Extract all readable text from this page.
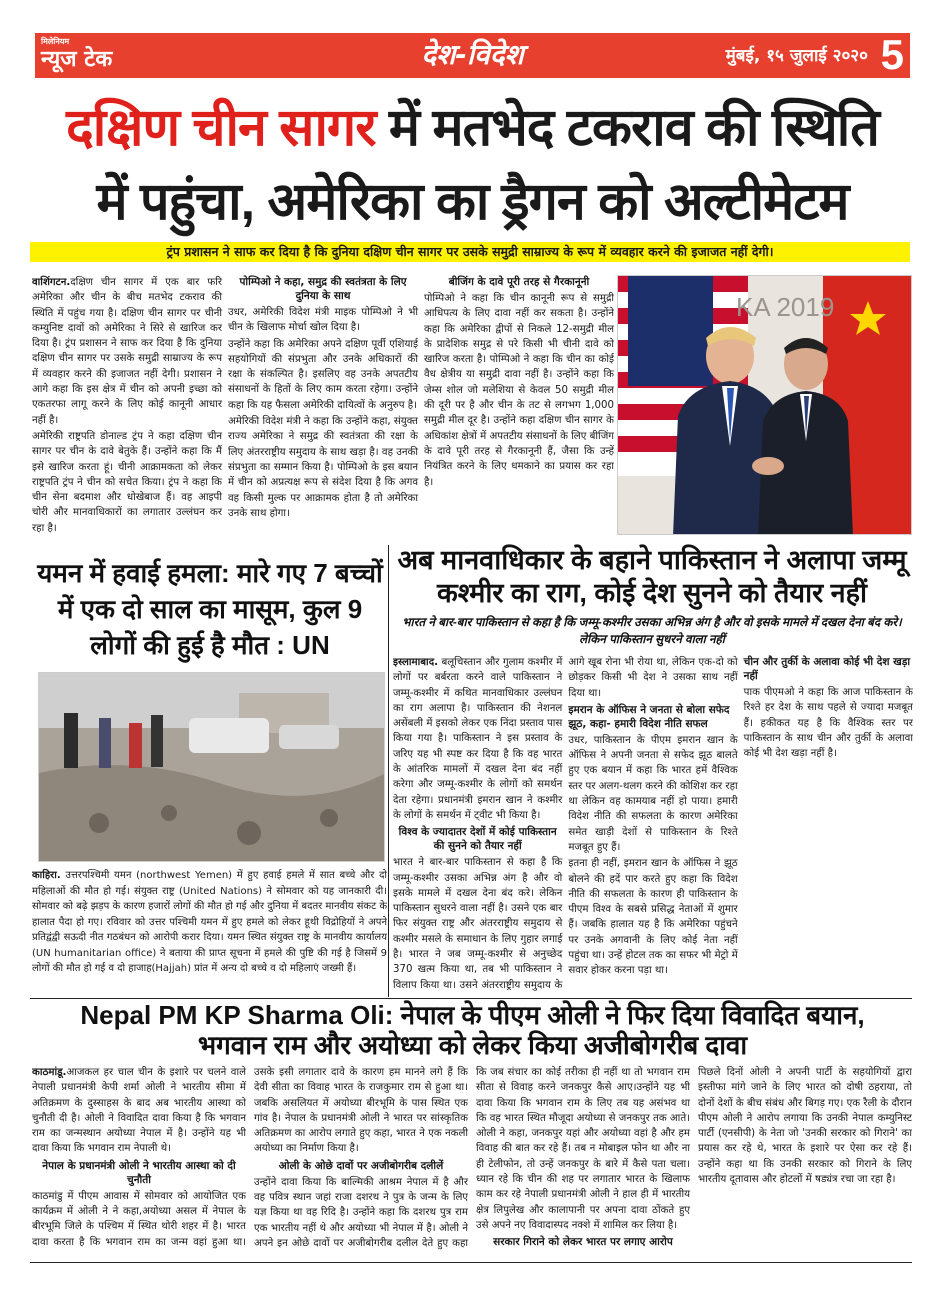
मिलेनियम
न्यूज टेक	देश-विदेश	मुंबई, १५ जुलाई २०२० 5
दक्षिण चीन सागर में मतभेद टकराव की स्थिति
में पहुंचा, अमेरिका का ड्रैगन को अल्टीमेटम
ट्रंप प्रशासन ने साफ कर दिया है कि दुनिया दक्षिण चीन सागर पर उसके समुद्री साम्राज्य के रूप में व्यवहार करने की इजाजत नहीं देगी।

वाशिंगटन.दक्षिण चीन सागर में एक बार फरि अमेरिका और चीन के बीच मतभेद टकराव की स्थिति में पहुंच गया है। दक्षिण चीन सागर पर चीनी कम्युनिष्ट दावों को अमेरिका ने सिरे से खारिज कर दिया है। ट्रंप प्रशासन ने साफ कर दिया है कि दुनिया दक्षिण चीन सागर पर उसके समुद्री साम्राज्य के रूप में व्यवहार करने की इजाजत नहीं देगी। प्रशासन ने आगे कहा कि इस क्षेत्र में चीन को अपनी इच्छा को एकतरफा लागू करने के लिए कोई कानूनी आधार नहीं है।

अमेरिकी राष्ट्रपति डोनाल्ड ट्रंप ने कहा दक्षिण चीन सागर पर चीन के दावे बेतुके हैं। उन्होंने कहा कि मैं इसे खारिज करता हूं। चीनी आक्रामकता को लेकर राष्ट्रपति ट्रंप ने चीन को सचेत किया। ट्रंप ने कहा कि चीन सेना बदमाश और धोखेबाज हैं। वह आइपी चोरी और मानवाधिकारों का लगातार उल्लंघन कर रहा है।

पोम्पिओ ने कहा, समुद्र की स्वतंत्रता के लिए दुनिया के साथ

उधर, अमेरिकी विदेश मंत्री माइक पोम्पिओ ने भी चीन के खिलाफ मोर्चा खोल दिया है।

उन्होंने कहा कि अमेरिका अपने दक्षिण पूर्वी एशियाई सहयोगियों की संप्रभुता और उनके अधिकारों की रक्षा के संकल्पित है। इसलिए वह उनके अपतटीय संसाधनों के हितों के लिए काम करता रहेगा। उन्होंने कहा कि यह फैसला अमेरिकी दायित्वों के अनुरुप है।

अमेरिकी विदेश मंत्री ने कहा कि उन्होंने कहा, संयुक्त राज्य अमेरिका ने समुद्र की स्वतंत्रता की रक्षा के लिए अंतरराष्ट्रीय समुदाय के साथ खड़ा है। वह उनकी संप्रभुता का सम्मान किया है। पोम्पिओ के इस बयान में चीन को अप्रत्यक्ष रूप से संदेश दिया है कि अगव वह किसी मुल्क पर आक्रामक होता है तो अमेरिका उनके साथ होगा।

बीजिंग के दावे पूरी तरह से गैरकानूनी

पोम्पिओ ने कहा कि चीन कानूनी रूप से समुद्री आधिपत्य के लिए दावा नहीं कर सकता है। उन्होंने कहा कि अमेरिका द्वीपों से निकले 12-समुद्री मील के प्रादेशिक समुद्र से परे किसी भी चीनी दावे को खारिज करता है। पोम्पिओ ने कहा कि चीन का कोई वैध क्षेत्रीय या समुद्री दावा नहीं है। उन्होंने कहा कि जेम्स शोल जो मलेशिया से केवल 50 समुद्री मील की दूरी पर है और चीन के तट से लगभग 1,000 समुद्री मील दूर है। उन्होंने कहा दक्षिण चीन सागर के अधिकांश क्षेत्रों में अपतटीय संसाधनों के लिए बीजिंग के दावे पूरी तरह से गैरकानूनी हैं, जैसा कि उन्हें नियंत्रित करने के लिए धमकाने का प्रयास कर रहा है।

KA 2019
यमन में हवाई हमला: मारे गए 7 बच्चों में एक दो साल का मासूम, कुल 9 लोगों की हुई है मौत : UN

काहिरा. उत्तरपश्चिमी यमन (northwest Yemen) में हुए हवाई हमले में सात बच्चे और दो महिलाओं की मौत हो गई। संयुक्त राष्ट्र (United Nations) ने सोमवार को यह जानकारी दी। सोमवार को बढ़े झड़प के कारण हजारों लोगों की मौत हो गई और दुनिया में बदतर मानवीय संकट के हालात पैदा हो गए। रविवार को उत्तर पश्चिमी यमन में हुए हमले को लेकर हूथी विद्रोहियों ने अपने प्रतिद्वंद्वी सऊदी नीत गठबंधन को आरोपी करार दिया। यमन स्थित संयुक्त राष्ट्र के मानवीय कार्यालय (UN humanitarian office) ने बताया की प्राप्त सूचना में हमले की पुष्टि की गई है जिसमें 9 लोगों की मौत हो गई व दो हाजाह(Hajjah) प्रांत में अन्य दो बच्चे व दो महिलाएं जख्मी हैं।

अब मानवाधिकार के बहाने पाकिस्तान ने अलापा जम्मू कश्मीर का राग, कोई देश सुनने को तैयार नहीं
भारत ने बार-बार पाकिस्तान से कहा है कि जम्मू-कश्मीर उसका अभिन्न अंग है और वो इसके मामले में दखल देना बंद करे। लेकिन पाकिस्तान सुधरने वाला नहीं

इस्लामाबाद. बलूचिस्तान और गुलाम कश्मीर में लोगों पर बर्बरता करने वाले पाकिस्तान ने जम्मू-कश्मीर में कथित मानवाधिकार उल्लंघन का राग अलापा है। पाकिस्तान की नेशनल असेंबली में इसको लेकर एक निंदा प्रस्ताव पास किया गया है। पाकिस्तान ने इस प्रस्ताव के जरिए यह भी स्पष्ट कर दिया है कि वह भारत के आंतरिक मामलों में दखल देना बंद नहीं करेगा और जम्मू-कश्मीर के लोगों को समर्थन देता रहेगा। प्रधानमंत्री इमरान खान ने कश्मीर के लोगों के समर्थन में ट्वीट भी किया है।

विश्व के ज्यादातर देशों में कोई पाकिस्तान की सुनने को तैयार नहीं

भारत ने बार-बार पाकिस्तान से कहा है कि जम्मू-कश्मीर उसका अभिन्न अंग है और वो इसके मामले में दखल देना बंद करे। लेकिन पाकिस्तान सुधरने वाला नहीं है। उसने एक बार फिर संयुक्त राष्ट्र और अंतरराष्ट्रीय समुदाय से कश्मीर मसले के समाधान के लिए गुहार लगाई है। भारत ने जब जम्मू-कश्मीर से अनुच्छेद 370 खत्म किया था, तब भी पाकिस्तान ने विलाप किया था। उसने अंतरराष्ट्रीय समुदाय के आगे खूब रोना भी रोया था, लेकिन एक-दो को छोड़कर किसी भी देश ने उसका साथ नहीं दिया था।

इमरान के ऑफिस ने जनता से बोला सफेद झूठ, कहा- हमारी विदेश नीति सफल

उधर, पाकिस्तान के पीएम इमरान खान के ऑफिस ने अपनी जनता से सफेद झूठ बालते हुए एक बयान में कहा कि भारत हमें वैश्विक स्तर पर अलग-थलग करने की कोशिश कर रहा था लेकिन वह कामयाब नहीं हो पाया। हमारी विदेश नीति की सफलता के कारण अमेरिका समेत खाड़ी देशों से पाकिस्तान के रिश्ते मजबूत हुए हैं।

इतना ही नहीं, इमरान खान के ऑफिस ने झूठ बोलने की हदें पार करते हुए कहा कि विदेश नीति की सफलता के कारण ही पाकिस्तान के पीएम विश्व के सबसे प्रसिद्ध नेताओं में शुमार हैं। जबकि हालात यह है कि अमेरिका पहुंचने पर उनके अगवानी के लिए कोई नेता नहीं पहुंचा था। उन्हें होटल तक का सफर भी मेट्रो में सवार होकर करना पड़ा था।

चीन और तुर्की के अलावा कोई भी देश खड़ा नहीं

पाक पीएमओ ने कहा कि आज पाकिस्तान के रिश्ते हर देश के साथ पहले से ज्यादा मजबूत हैं। हकीकत यह है कि वैश्विक स्तर पर पाकिस्तान के साथ चीन और तुर्की के अलावा कोई भी देश खड़ा नहीं है।

Nepal PM KP Sharma Oli: नेपाल के पीएम ओली ने फिर दिया विवादित बयान,
भगवान राम और अयोध्या को लेकर किया अजीबोगरीब दावा

काठमांडू.आजकल हर चाल चीन के इशारे पर चलने वाले नेपाली प्रधानमंत्री केपी शर्मा ओली ने भारतीय सीमा में अतिक्रमण के दुस्साहस के बाद अब भारतीय आस्था को चुनौती दी है। ओली ने विवादित दावा किया है कि भगवान राम का जन्मस्थान अयोध्या नेपाल में है। उन्होंने यह भी दावा किया कि भगवान राम नेपाली थे।

नेपाल के प्रधानमंत्री ओली ने भारतीय आस्था को दी चुनौती

काठमांडु में पीएम आवास में सोमवार को आयोजित एक कार्यक्रम में ओली ने ने कहा,अयोध्या असल में नेपाल के बीरभूमि जिले के पश्चिम में स्थित थोरी शहर में है। भारत दावा करता है कि भगवान राम का जन्म वहां हुआ था। उसके इसी लगातार दावे के कारण हम मानने लगे हैं कि देवी सीता का विवाह भारत के राजकुमार राम से हुआ था। जबकि असलियत में अयोध्या बीरभूमि के पास स्थित एक गांव है। नेपाल के प्रधानमंत्री ओली ने भारत पर सांस्कृतिक अतिक्रमण का आरोप लगाते हुए कहा, भारत ने एक नकली अयोध्या का निर्माण किया है।

ओली के ओछे दावों पर अजीबोगरीब दलीलें

उन्होंने दावा किया कि बाल्मिकी आश्रम नेपाल में है और वह पवित्र स्थान जहां राजा दशरथ ने पुत्र के जन्म के लिए यज्ञ किया था वह रिदि है। उन्होंने कहा कि दशरथ पुत्र राम एक भारतीय नहीं थे और अयोध्या भी नेपाल में है। ओली ने अपने इन ओछे दावों पर अजीबोगरीब दलील देते हुए कहा कि जब संचार का कोई तरीका ही नहीं था तो भगवान राम सीता से विवाह करने जनकपुर कैसे आए।उन्होंने यह भी दावा किया कि भगवान राम के लिए तब यह असंभव था कि वह भारत स्थित मौजूदा अयोध्या से जनकपुर तक आते। ओली ने कहा, जनकपुर यहां और अयोध्या वहां है और हम विवाह की बात कर रहे हैं। तब न मोबाइल फोन था और ना ही टेलीफोन, तो उन्हें जनकपुर के बारे में कैसे पता चला। ध्यान रहे कि चीन की शह पर लगातार भारत के खिलाफ काम कर रहे नेपाली प्रधानमंत्री ओली ने हाल ही में भारतीय क्षेत्र लिपुलेख और कालापानी पर अपना दावा ठोंकते हुए उसे अपने नए विवादास्पद नक्शे में शामिल कर लिया है।

सरकार गिराने को लेकर भारत पर लगाए आरोप

पिछले दिनों ओली ने अपनी पार्टी के सहयोगियों द्वारा इस्तीफा मांगे जाने के लिए भारत को दोषी ठहराया, तो दोनों देशों के बीच संबंध और बिगड़ गए। एक रैली के दौरान पीएम ओली ने आरोप लगाया कि उनकी नेपाल कम्युनिस्ट पार्टी (एनसीपी) के नेता जो 'उनकी सरकार को गिराने' का प्रयास कर रहे थे, भारत के इशारे पर ऐसा कर रहे हैं। उन्होंने कहा था कि उनकी सरकार को गिराने के लिए भारतीय दूतावास और होटलों में षड्यंत्र रचा जा रहा है।
